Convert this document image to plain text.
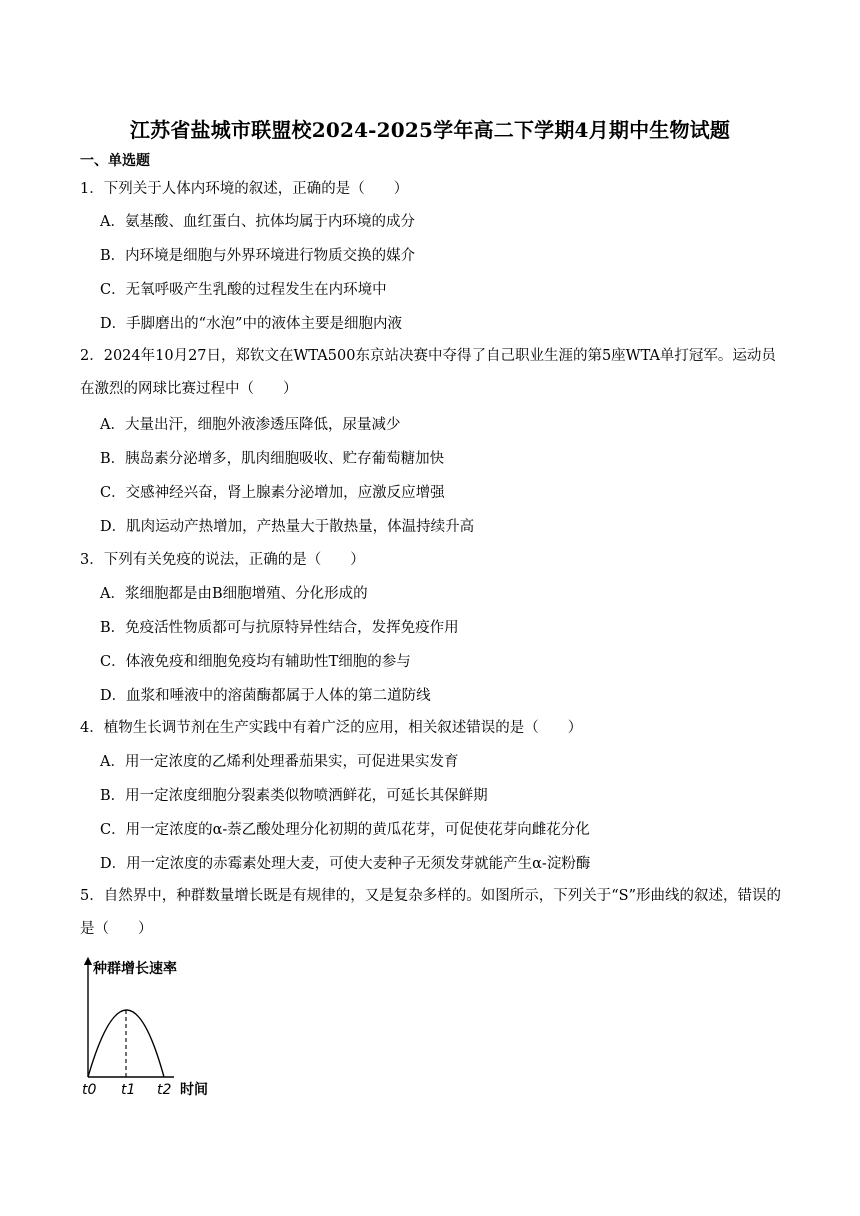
江苏省盐城市联盟校2024-2025学年高二下学期4月期中生物试题
一、单选题

1．下列关于人体内环境的叙述，正确的是（　　）

A．氨基酸、血红蛋白、抗体均属于内环境的成分
B．内环境是细胞与外界环境进行物质交换的媒介
C．无氧呼吸产生乳酸的过程发生在内环境中
D．手脚磨出的“水泡”中的液体主要是细胞内液

2．2024年10月27日，郑钦文在WTA500东京站决赛中夺得了自己职业生涯的第5座WTA单打冠军。运动员在激烈的网球比赛过程中（　　）

A．大量出汗，细胞外液渗透压降低，尿量减少
B．胰岛素分泌增多，肌肉细胞吸收、贮存葡萄糖加快
C．交感神经兴奋，肾上腺素分泌增加，应激反应增强
D．肌肉运动产热增加，产热量大于散热量，体温持续升高

3．下列有关免疫的说法，正确的是（　　）

A．浆细胞都是由B细胞增殖、分化形成的
B．免疫活性物质都可与抗原特异性结合，发挥免疫作用
C．体液免疫和细胞免疫均有辅助性T细胞的参与
D．血浆和唾液中的溶菌酶都属于人体的第二道防线

4．植物生长调节剂在生产实践中有着广泛的应用，相关叙述错误的是（　　）

A．用一定浓度的乙烯利处理番茄果实，可促进果实发育
B．用一定浓度细胞分裂素类似物喷洒鲜花，可延长其保鲜期
C．用一定浓度的α-萘乙酸处理分化初期的黄瓜花芽，可促使花芽向雌花分化
D．用一定浓度的赤霉素处理大麦，可使大麦种子无须发芽就能产生α-淀粉酶

5．自然界中，种群数量增长既是有规律的，又是复杂多样的。如图所示，下列关于“S”形曲线的叙述，错误的是（　　）

种群增长速率
t0 t1 t2 时间
